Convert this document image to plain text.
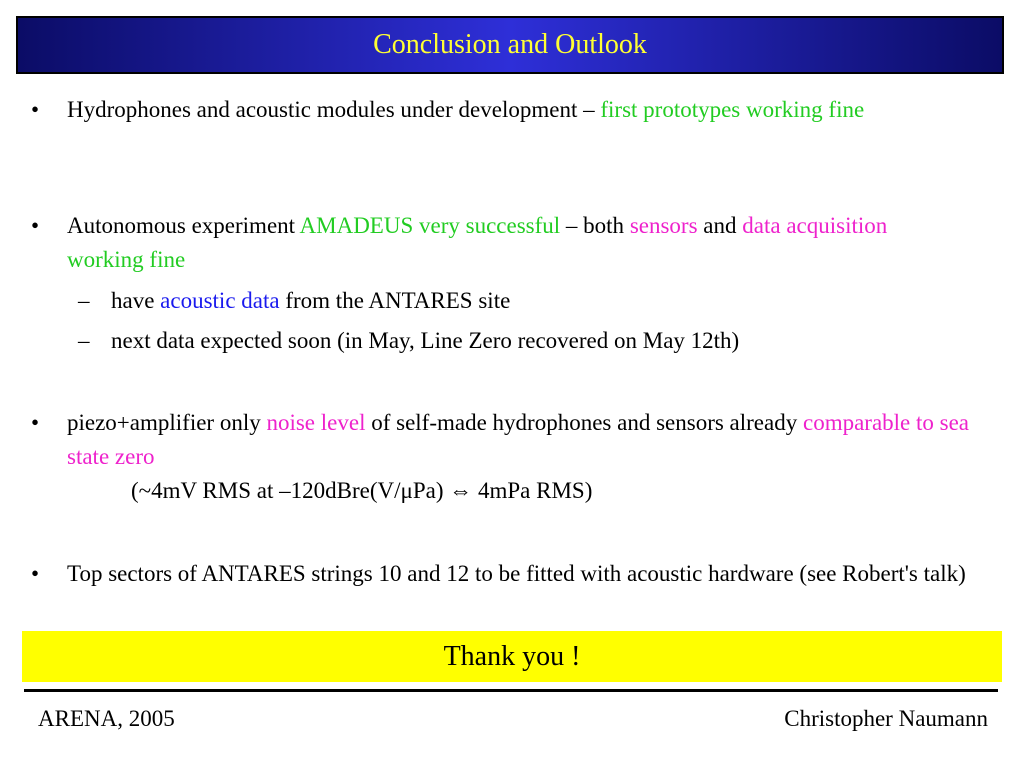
Conclusion and Outlook

• Hydrophones and acoustic modules under development – first prototypes working fine

• Autonomous experiment AMADEUS very successful – both sensors and data acquisition working fine

– have acoustic data from the ANTARES site

– next data expected soon (in May, Line Zero recovered on May 12th)

• piezo+amplifier only noise level of self-made hydrophones and sensors already comparable to sea state zero
(~4mV RMS at –120dBre(V/μPa) ⇔ 4mPa RMS)

• Top sectors of ANTARES strings 10 and 12 to be fitted with acoustic hardware (see Robert's talk)

Thank you !
ARENA, 2005	Christopher Naumann
